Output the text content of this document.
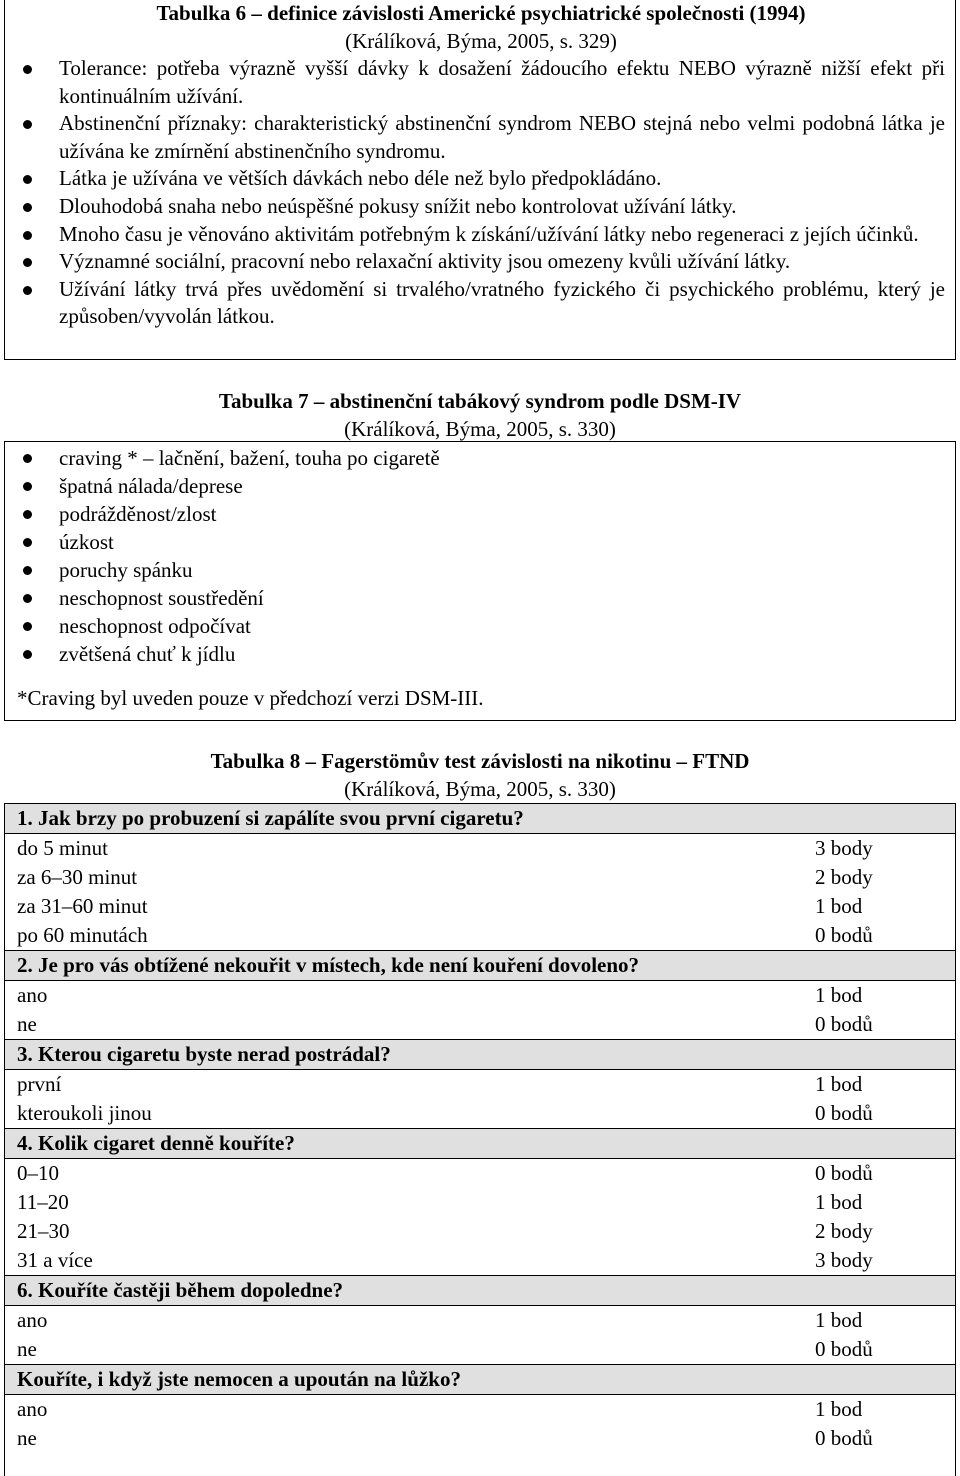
Tabulka 6 – definice závislosti Americké psychiatrické společnosti (1994)

(Králíková, Býma, 2005, s. 329)

Tolerance: potřeba výrazně vyšší dávky k dosažení žádoucího efektu NEBO výrazně nižší efekt při kontinuálním užívání.
Abstinenční příznaky: charakteristický abstinenční syndrom NEBO stejná nebo velmi podobná látka je užívána ke zmírnění abstinenčního syndromu.
Látka je užívána ve větších dávkách nebo déle než bylo předpokládáno.
Dlouhodobá snaha nebo neúspěšné pokusy snížit nebo kontrolovat užívání látky.
Mnoho času je věnováno aktivitám potřebným k získání/užívání látky nebo regeneraci z jejích účinků.
Významné sociální, pracovní nebo relaxační aktivity jsou omezeny kvůli užívání látky.
Užívání látky trvá přes uvědomění si trvalého/vratného fyzického či psychického problému, který je způsoben/vyvolán látkou.

Tabulka 7 – abstinenční tabákový syndrom podle DSM-IV

(Králíková, Býma, 2005, s. 330)

craving * – lačnění, bažení, touha po cigaretě
špatná nálada/deprese
podrážděnost/zlost
úzkost
poruchy spánku
neschopnost soustředění
neschopnost odpočívat
zvětšená chuť k jídlu

*Craving byl uveden pouze v předchozí verzi DSM-III.

Tabulka 8 – Fagerstömův test závislosti na nikotinu – FTND

(Králíková, Býma, 2005, s. 330)

1. Jak brzy po probuzení si zapálíte svou první cigaretu?	
do 5 minut	3 body
za 6–30 minut	2 body
za 31–60 minut	1 bod
po 60 minutách	0 bodů
2. Je pro vás obtížené nekouřit v místech, kde není kouření dovoleno?	
ano	1 bod
ne	0 bodů
3. Kterou cigaretu byste nerad postrádal?	
první	1 bod
kteroukoli jinou	0 bodů
4. Kolik cigaret denně kouříte?	
0–10	0 bodů
11–20	1 bod
21–30	2 body
31 a více	3 body
6. Kouříte častěji během dopoledne?	
ano	1 bod
ne	0 bodů
Kouříte, i když jste nemocen a upoután na lůžko?	
ano	1 bod
ne	0 bodů
